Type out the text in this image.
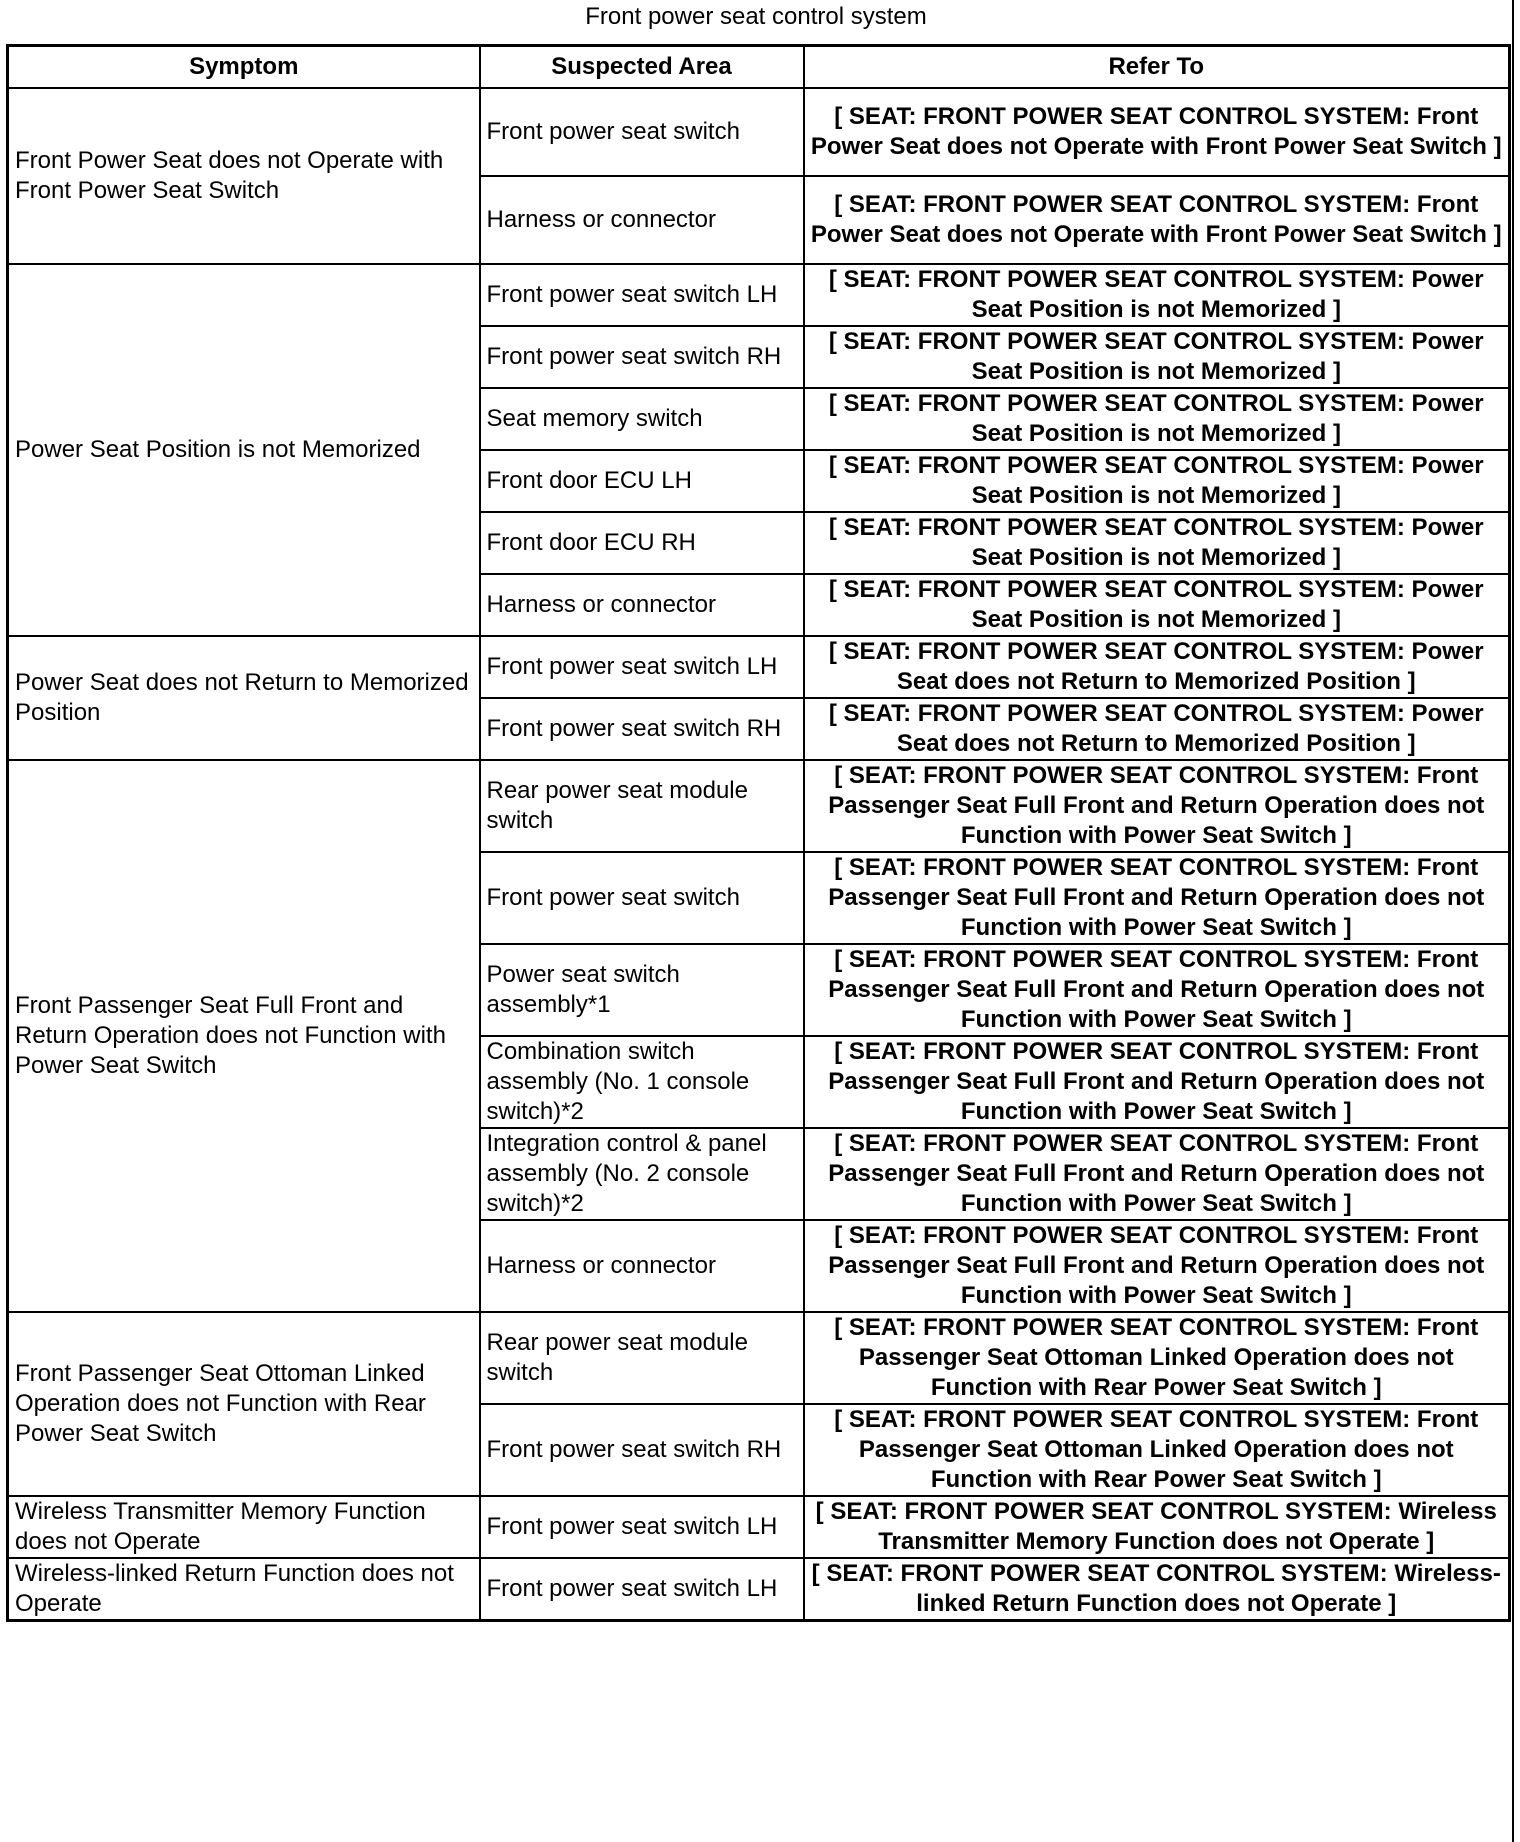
Front power seat control system
Symptom	Suspected Area	Refer To
Front Power Seat does not Operate with Front Power Seat Switch	Front power seat switch	[ SEAT: FRONT POWER SEAT CONTROL SYSTEM: Front Power Seat does not Operate with Front Power Seat Switch ]
	Harness or connector	[ SEAT: FRONT POWER SEAT CONTROL SYSTEM: Front Power Seat does not Operate with Front Power Seat Switch ]
Power Seat Position is not Memorized	Front power seat switch LH	[ SEAT: FRONT POWER SEAT CONTROL SYSTEM: Power Seat Position is not Memorized ]
	Front power seat switch RH	[ SEAT: FRONT POWER SEAT CONTROL SYSTEM: Power Seat Position is not Memorized ]
	Seat memory switch	[ SEAT: FRONT POWER SEAT CONTROL SYSTEM: Power Seat Position is not Memorized ]
	Front door ECU LH	[ SEAT: FRONT POWER SEAT CONTROL SYSTEM: Power Seat Position is not Memorized ]
	Front door ECU RH	[ SEAT: FRONT POWER SEAT CONTROL SYSTEM: Power Seat Position is not Memorized ]
	Harness or connector	[ SEAT: FRONT POWER SEAT CONTROL SYSTEM: Power Seat Position is not Memorized ]
Power Seat does not Return to Memorized Position	Front power seat switch LH	[ SEAT: FRONT POWER SEAT CONTROL SYSTEM: Power Seat does not Return to Memorized Position ]
	Front power seat switch RH	[ SEAT: FRONT POWER SEAT CONTROL SYSTEM: Power Seat does not Return to Memorized Position ]
Front Passenger Seat Full Front and Return Operation does not Function with Power Seat Switch	Rear power seat module switch	[ SEAT: FRONT POWER SEAT CONTROL SYSTEM: Front Passenger Seat Full Front and Return Operation does not Function with Power Seat Switch ]
	Front power seat switch	[ SEAT: FRONT POWER SEAT CONTROL SYSTEM: Front Passenger Seat Full Front and Return Operation does not Function with Power Seat Switch ]
	Power seat switch assembly*1	[ SEAT: FRONT POWER SEAT CONTROL SYSTEM: Front Passenger Seat Full Front and Return Operation does not Function with Power Seat Switch ]
	Combination switch assembly (No. 1 console switch)*2	[ SEAT: FRONT POWER SEAT CONTROL SYSTEM: Front Passenger Seat Full Front and Return Operation does not Function with Power Seat Switch ]
	Integration control & panel assembly (No. 2 console switch)*2	[ SEAT: FRONT POWER SEAT CONTROL SYSTEM: Front Passenger Seat Full Front and Return Operation does not Function with Power Seat Switch ]
	Harness or connector	[ SEAT: FRONT POWER SEAT CONTROL SYSTEM: Front Passenger Seat Full Front and Return Operation does not Function with Power Seat Switch ]
Front Passenger Seat Ottoman Linked Operation does not Function with Rear Power Seat Switch	Rear power seat module switch	[ SEAT: FRONT POWER SEAT CONTROL SYSTEM: Front Passenger Seat Ottoman Linked Operation does not Function with Rear Power Seat Switch ]
	Front power seat switch RH	[ SEAT: FRONT POWER SEAT CONTROL SYSTEM: Front Passenger Seat Ottoman Linked Operation does not Function with Rear Power Seat Switch ]
Wireless Transmitter Memory Function does not Operate	Front power seat switch LH	[ SEAT: FRONT POWER SEAT CONTROL SYSTEM: Wireless Transmitter Memory Function does not Operate ]
Wireless-linked Return Function does not Operate	Front power seat switch LH	[ SEAT: FRONT POWER SEAT CONTROL SYSTEM: Wireless-linked Return Function does not Operate ]
